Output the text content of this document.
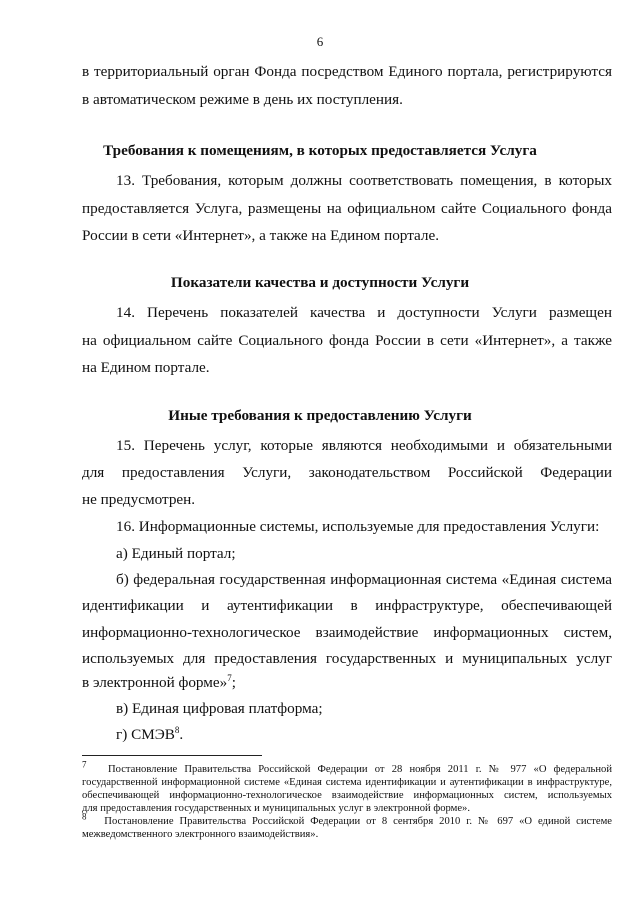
6

в территориальный орган Фонда посредством Единого портала, регистрируются

в автоматическом режиме в день их поступления.

Требования к помещениям, в которых предоставляется Услуга

13. Требования, которым должны соответствовать помещения, в которых

предоставляется Услуга, размещены на официальном сайте Социального фонда

России в сети «Интернет», а также на Едином портале.

Показатели качества и доступности Услуги

14. Перечень показателей качества и доступности Услуги размещен

на официальном сайте Социального фонда России в сети «Интернет», а также

на Едином портале.

Иные требования к предоставлению Услуги

15. Перечень услуг, которые являются необходимыми и обязательными

для предоставления Услуги, законодательством Российской Федерации

не предусмотрен.

16. Информационные системы, используемые для предоставления Услуги:

а) Единый портал;

б) федеральная государственная информационная система «Единая система

идентификации и аутентификации в инфраструктуре, обеспечивающей

информационно-технологическое взаимодействие информационных систем,

используемых для предоставления государственных и муниципальных услуг

в электронной форме»$^7$;

в) Единая цифровая платформа;

г) СМЭВ$^8$.

$^7$ Постановление Правительства Российской Федерации от 28 ноября 2011 г. № 977 «О федеральной

государственной информационной системе «Единая система идентификации и аутентификации в инфраструктуре,

обеспечивающей информационно-технологическое взаимодействие информационных систем, используемых

для предоставления государственных и муниципальных услуг в электронной форме».

$^8$ Постановление Правительства Российской Федерации от 8 сентября 2010 г. № 697 «О единой системе

межведомственного электронного взаимодействия».
